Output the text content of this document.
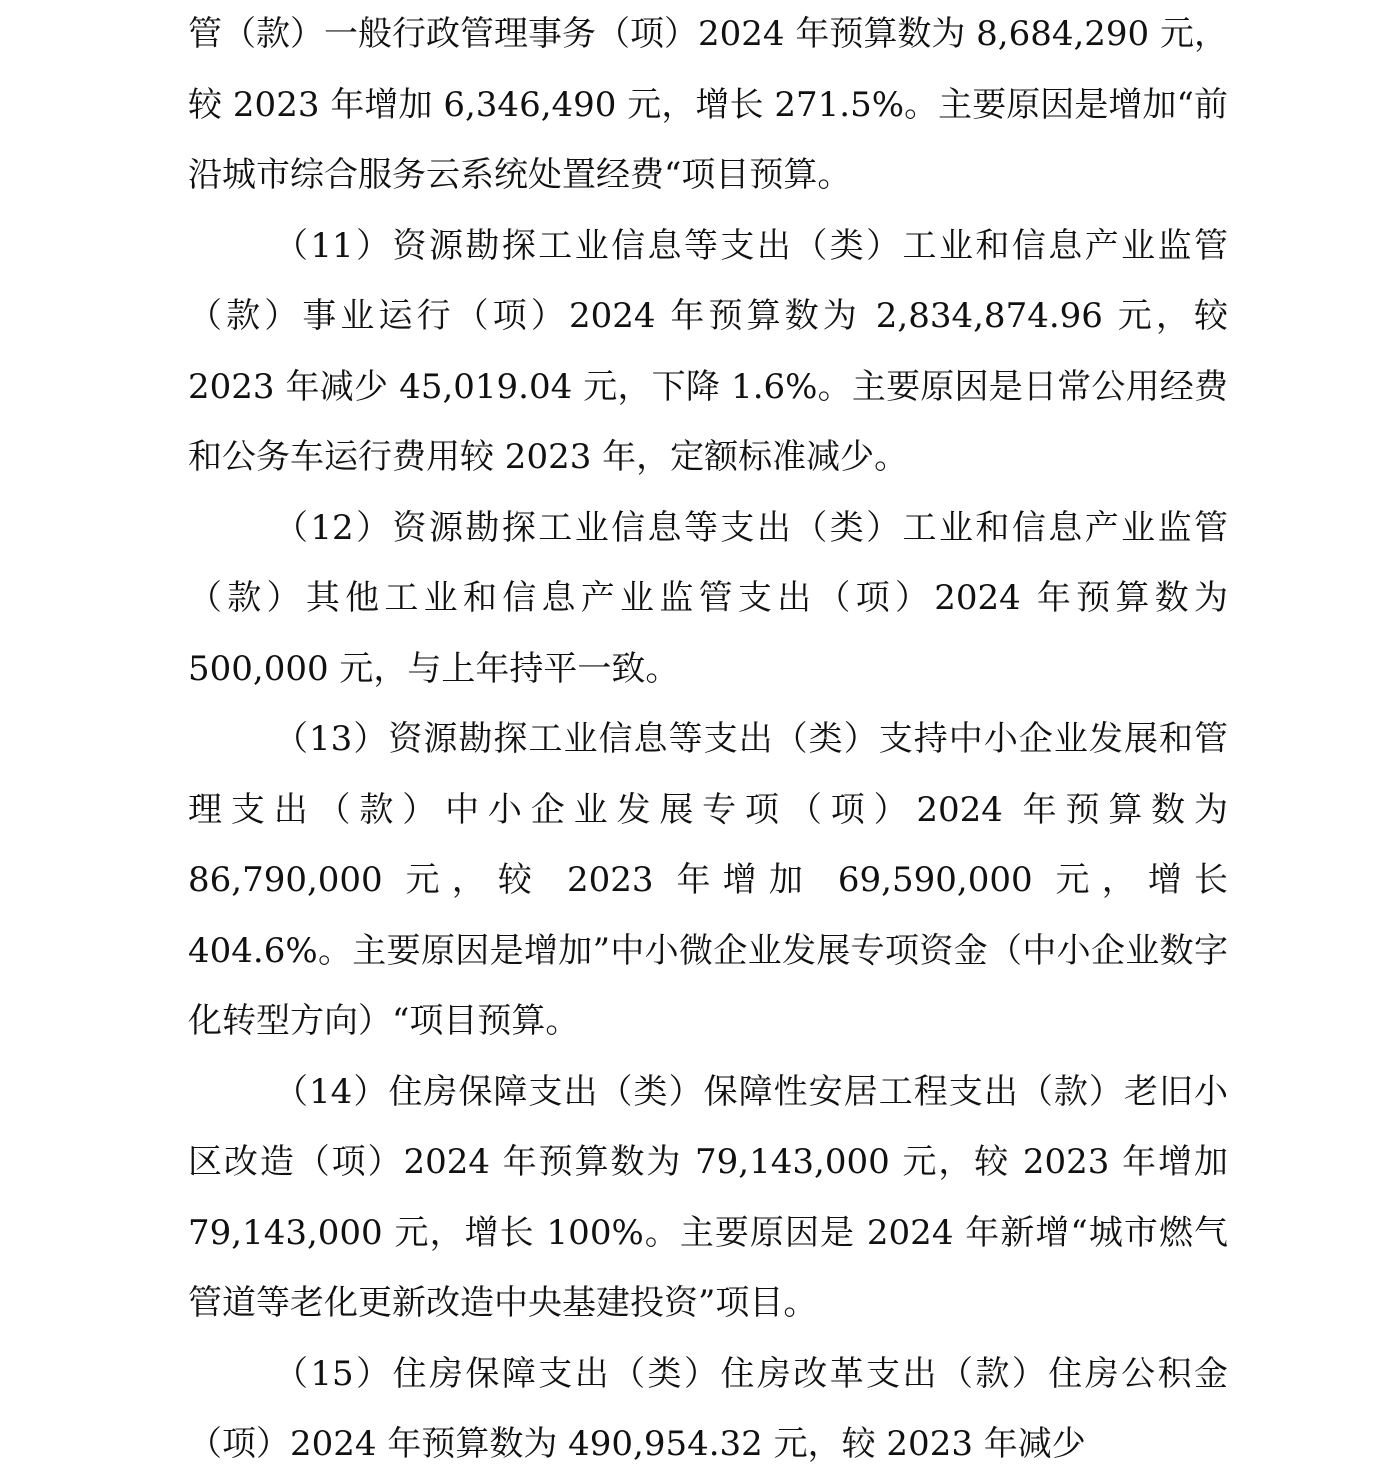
管（款）一般行政管理事务（项）2024 年预算数为 8,684,290 元，较 2023 年增加 6,346,490 元，增长 271.5%。主要原因是增加“前沿城市综合服务云系统处置经费“项目预算。

（11）资源勘探工业信息等支出（类）工业和信息产业监管（款）事业运行（项）2024 年预算数为 2,834,874.96 元，较 2023 年减少 45,019.04 元，下降 1.6%。主要原因是日常公用经费和公务车运行费用较 2023 年，定额标准减少。

（12）资源勘探工业信息等支出（类）工业和信息产业监管（款）其他工业和信息产业监管支出（项）2024 年预算数为 500,000 元，与上年持平一致。

（13）资源勘探工业信息等支出（类）支持中小企业发展和管理支出（款）中小企业发展专项（项）2024 年预算数为 86,790,000 元，较 2023 年增加 69,590,000 元，增长 404.6%。主要原因是增加”中小微企业发展专项资金（中小企业数字化转型方向）“项目预算。

（14）住房保障支出（类）保障性安居工程支出（款）老旧小区改造（项）2024 年预算数为 79,143,000 元，较 2023 年增加 79,143,000 元，增长 100%。主要原因是 2024 年新增“城市燃气管道等老化更新改造中央基建投资”项目。

（15）住房保障支出（类）住房改革支出（款）住房公积金（项）2024 年预算数为 490,954.32 元，较 2023 年减少
